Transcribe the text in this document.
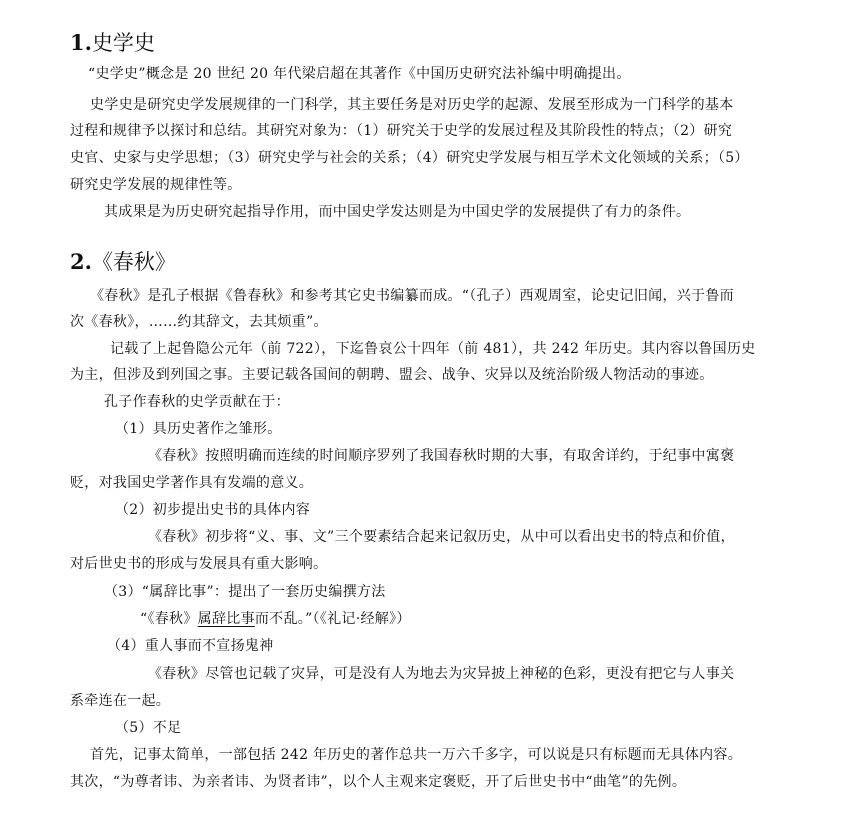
1.史学史
“史学史”概念是 20 世纪 20 年代梁启超在其著作《中国历史研究法补编中明确提出。
史学史是研究史学发展规律的一门科学，其主要任务是对历史学的起源、发展至形成为一门科学的基本
过程和规律予以探讨和总结。其研究对象为：（1）研究关于史学的发展过程及其阶段性的特点；（2）研究
史官、史家与史学思想；（3）研究史学与社会的关系；（4）研究史学发展与相互学术文化领域的关系；（5）
研究史学发展的规律性等。
其成果是为历史研究起指导作用，而中国史学发达则是为中国史学的发展提供了有力的条件。
2.《春秋》
《春秋》是孔子根据《鲁春秋》和参考其它史书编纂而成。“（孔子）西观周室，论史记旧闻，兴于鲁而
次《春秋》，……约其辞文，去其烦重”。
记载了上起鲁隐公元年（前 722），下迄鲁哀公十四年（前 481），共 242 年历史。其内容以鲁国历史
为主，但涉及到列国之事。主要记载各国间的朝聘、盟会、战争、灾异以及统治阶级人物活动的事迹。
孔子作春秋的史学贡献在于：
（1）具历史著作之雏形。
《春秋》按照明确而连续的时间顺序罗列了我国春秋时期的大事，有取舍详约，于纪事中寓褒
贬，对我国史学著作具有发端的意义。
（2）初步提出史书的具体内容
《春秋》初步将“义、事、文”三个要素结合起来记叙历史，从中可以看出史书的特点和价值，
对后世史书的形成与发展具有重大影响。
（3）“属辞比事”：提出了一套历史编撰方法
“《春秋》属辞比事而不乱。”（《礼记·经解》）
（4）重人事而不宣扬鬼神
《春秋》尽管也记载了灾异，可是没有人为地去为灾异披上神秘的色彩，更没有把它与人事关
系牵连在一起。
（5）不足
首先，记事太简单，一部包括 242 年历史的著作总共一万六千多字，可以说是只有标题而无具体内容。
其次，“为尊者讳、为亲者讳、为贤者讳”，以个人主观来定褒贬，开了后世史书中“曲笔”的先例。
